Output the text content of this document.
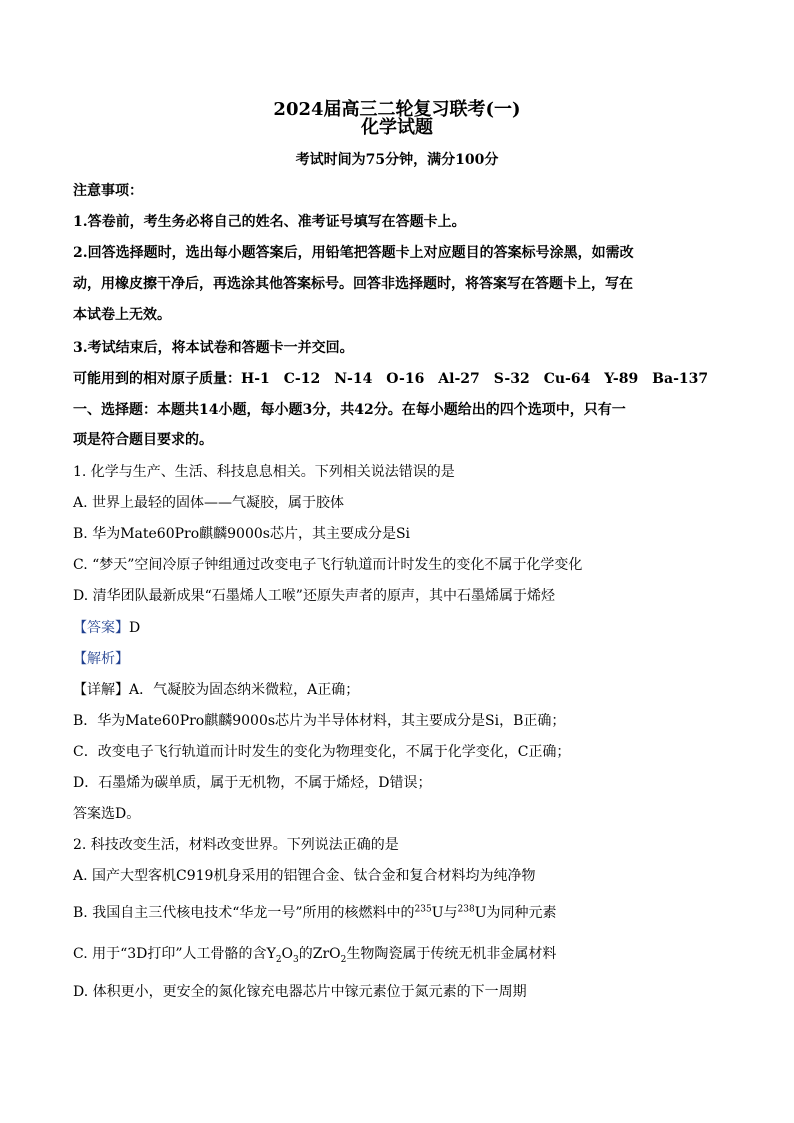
2024届高三二轮复习联考(一)
化学试题
考试时间为75分钟，满分100分
注意事项：
1.答卷前，考生务必将自己的姓名、准考证号填写在答题卡上。
2.回答选择题时，选出每小题答案后，用铅笔把答题卡上对应题目的答案标号涂黑，如需改
动，用橡皮擦干净后，再选涂其他答案标号。回答非选择题时，将答案写在答题卡上，写在
本试卷上无效。
3.考试结束后，将本试卷和答题卡一并交回。
可能用到的相对原子质量：H-1　C-12　N-14　O-16　Al-27　S-32　Cu-64　Y-89　Ba-137
一、选择题：本题共14小题，每小题3分，共42分。在每小题给出的四个选项中，只有一
项是符合题目要求的。
1. 化学与生产、生活、科技息息相关。下列相关说法错误的是
A. 世界上最轻的固体——气凝胶，属于胶体
B. 华为Mate60Pro麒麟9000s芯片，其主要成分是Si
C. “梦天”空间冷原子钟组通过改变电子飞行轨道而计时发生的变化不属于化学变化
D. 清华团队最新成果“石墨烯人工喉”还原失声者的原声，其中石墨烯属于烯烃
【答案】D
【解析】
【详解】A．气凝胶为固态纳米微粒，A正确；
B．华为Mate60Pro麒麟9000s芯片为半导体材料，其主要成分是Si，B正确；
C．改变电子飞行轨道而计时发生的变化为物理变化，不属于化学变化，C正确；
D．石墨烯为碳单质，属于无机物，不属于烯烃，D错误；
答案选D。
2. 科技改变生活，材料改变世界。下列说法正确的是
A. 国产大型客机C919机身采用的铝锂合金、钛合金和复合材料均为纯净物
B. 我国自主三代核电技术“华龙一号”所用的核燃料中的$^{235}$U与$^{238}$U为同种元素
C. 用于“3D打印”人工骨骼的含$Y_2O_3$的ZrO$_2$生物陶瓷属于传统无机非金属材料
D. 体积更小，更安全的氮化镓充电器芯片中镓元素位于氮元素的下一周期
